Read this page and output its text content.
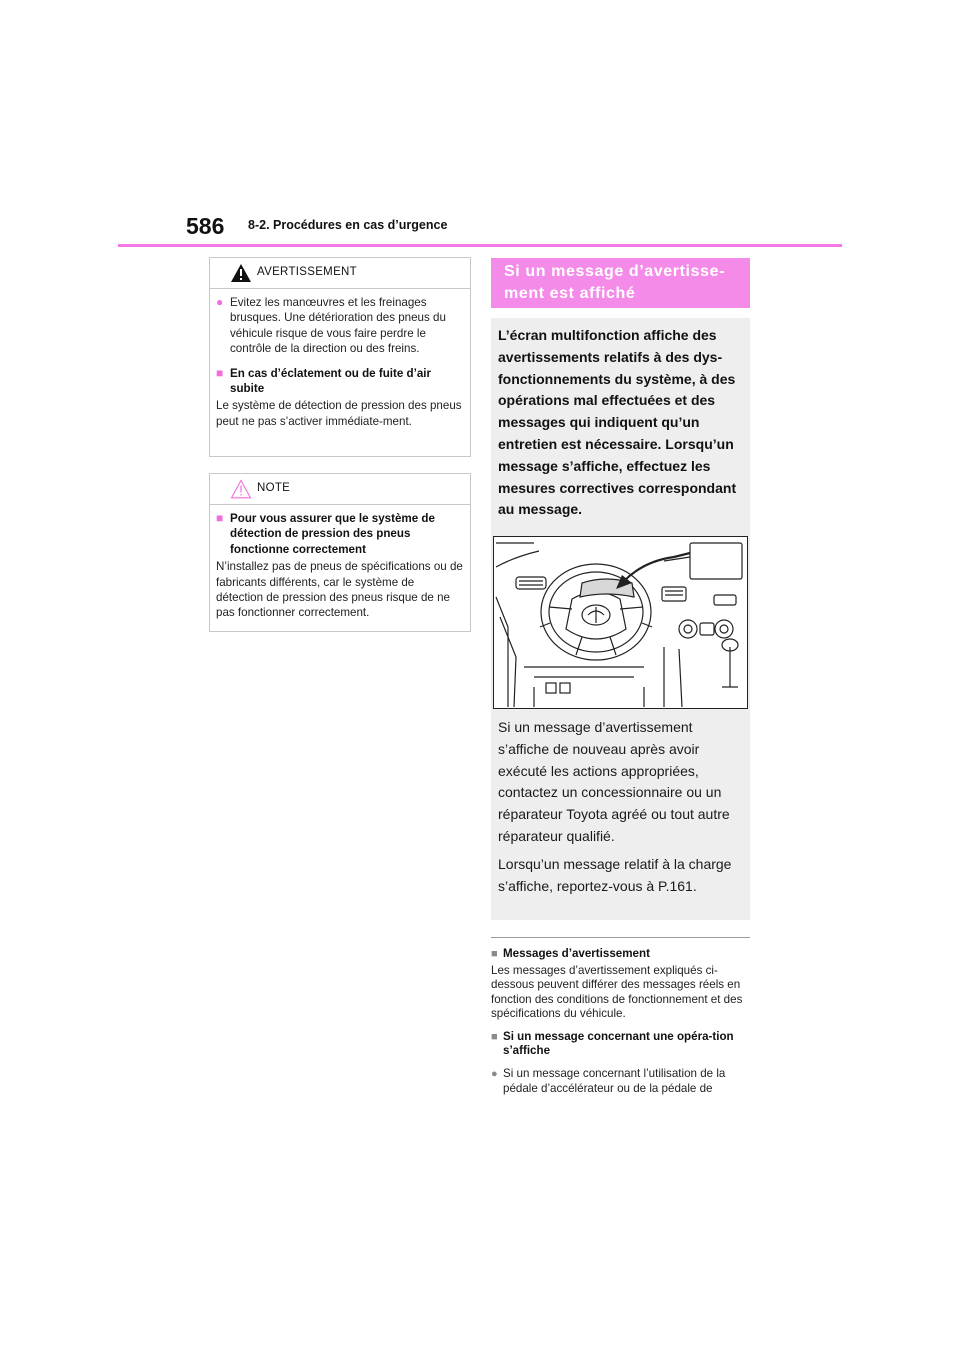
586 8-2. Procédures en cas d’urgence
AVERTISSEMENT
● Evitez les manœuvres et les freinages brusques. Une détérioration des pneus du véhicule risque de vous faire perdre le contrôle de la direction ou des freins.
■ En cas d’éclatement ou de fuite d’air subite
Le système de détection de pression des pneus peut ne pas s’activer immédiate-ment.
NOTE
■ Pour vous assurer que le système de détection de pression des pneus fonctionne correctement
N’installez pas de pneus de spécifications ou de fabricants différents, car le système de détection de pression des pneus risque de ne pas fonctionner correctement.
Si un message d’avertisse-ment est affiché
L’écran multifonction affiche des avertissements relatifs à des dys-fonctionnements du système, à des opérations mal effectuées et des messages qui indiquent qu’un entretien est nécessaire. Lorsqu’un message s’affiche, effectuez les mesures correctives correspondant au message.

Si un message d’avertissement s’affiche de nouveau après avoir exécuté les actions appropriées, contactez un concessionnaire ou un réparateur Toyota agréé ou tout autre réparateur qualifié.

Lorsqu’un message relatif à la charge s’affiche, reportez-vous à P.161.

■ Messages d’avertissement
Les messages d’avertissement expliqués ci-dessous peuvent différer des messages réels en fonction des conditions de fonctionnement et des spécifications du véhicule.
■ Si un message concernant une opéra-tion s’affiche
● Si un message concernant l’utilisation de la pédale d’accélérateur ou de la pédale de
